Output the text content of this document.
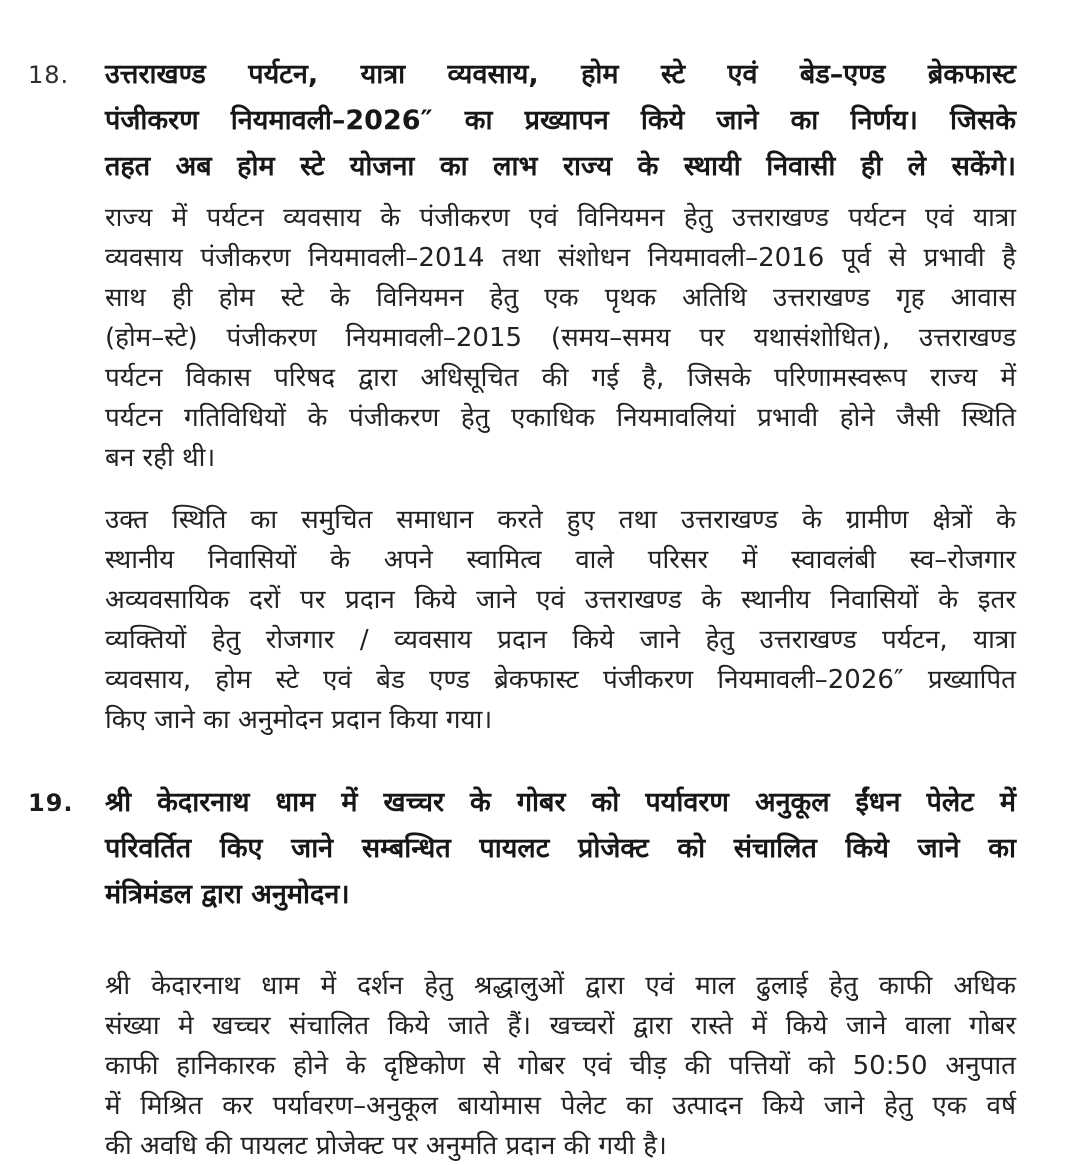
18.	उत्तराखण्ड पर्यटन, यात्रा व्यवसाय, होम स्टे एवं बेड–एण्ड ब्रेकफास्ट
पंजीकरण नियमावली–2026″ का प्रख्यापन किये जाने का निर्णय। जिसके
तहत अब होम स्टे योजना का लाभ राज्य के स्थायी निवासी ही ले सकेंगे।
राज्य में पर्यटन व्यवसाय के पंजीकरण एवं विनियमन हेतु उत्तराखण्ड पर्यटन एवं यात्रा
व्यवसाय पंजीकरण नियमावली–2014 तथा संशोधन नियमावली–2016 पूर्व से प्रभावी है
साथ ही होम स्टे के विनियमन हेतु एक पृथक अतिथि उत्तराखण्ड गृह आवास
(होम–स्टे) पंजीकरण नियमावली–2015 (समय–समय पर यथासंशोधित), उत्तराखण्ड
पर्यटन विकास परिषद द्वारा अधिसूचित की गई है, जिसके परिणामस्वरूप राज्य में
पर्यटन गतिविधियों के पंजीकरण हेतु एकाधिक नियमावलियां प्रभावी होने जैसी स्थिति
बन रही थी।
उक्त स्थिति का समुचित समाधान करते हुए तथा उत्तराखण्ड के ग्रामीण क्षेत्रों के
स्थानीय निवासियों के अपने स्वामित्व वाले परिसर में स्वावलंबी स्व–रोजगार
अव्यवसायिक दरों पर प्रदान किये जाने एवं उत्तराखण्ड के स्थानीय निवासियों के इतर
व्यक्तियों हेतु रोजगार / व्यवसाय प्रदान किये जाने हेतु उत्तराखण्ड पर्यटन, यात्रा
व्यवसाय, होम स्टे एवं बेड एण्ड ब्रेकफास्ट पंजीकरण नियमावली–2026″ प्रख्यापित
किए जाने का अनुमोदन प्रदान किया गया।
19.	श्री केदारनाथ धाम में खच्चर के गोबर को पर्यावरण अनुकूल ईंधन पेलेट में
परिवर्तित किए जाने सम्बन्धित पायलट प्रोजेक्ट को संचालित किये जाने का
मंत्रिमंडल द्वारा अनुमोदन।
श्री केदारनाथ धाम में दर्शन हेतु श्रद्धालुओं द्वारा एवं माल ढुलाई हेतु काफी अधिक
संख्या मे खच्चर संचालित किये जाते हैं। खच्चरों द्वारा रास्ते में किये जाने वाला गोबर
काफी हानिकारक होने के दृष्टिकोण से गोबर एवं चीड़ की पत्तियों को 50:50 अनुपात
में मिश्रित कर पर्यावरण–अनुकूल बायोमास पेलेट का उत्पादन किये जाने हेतु एक वर्ष
की अवधि की पायलट प्रोजेक्ट पर अनुमति प्रदान की गयी है।
